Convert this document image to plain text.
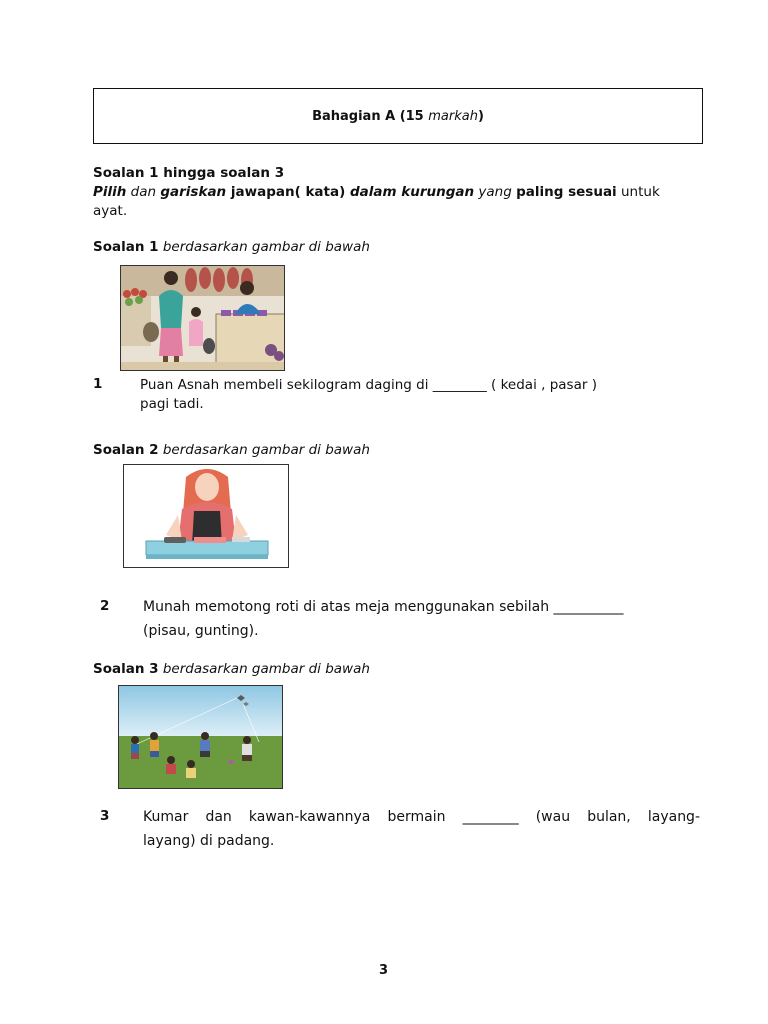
Bahagian A (15 markah)
Soalan 1 hingga soalan 3
Pilih dan gariskan jawapan( kata) dalam kurungan yang paling sesuai untuk ayat.
Soalan 1 berdasarkan gambar di bawah
1	Puan Asnah membeli sekilogram daging di ________ ( kedai , pasar )
pagi tadi.
Soalan 2 berdasarkan gambar di bawah
2 Munah memotong roti di atas meja menggunakan sebilah __________
(pisau, gunting).
Soalan 3 berdasarkan gambar di bawah
3 Kumar dan kawan-kawannya bermain ________ (wau bulan, layang-
layang) di padang.
3
